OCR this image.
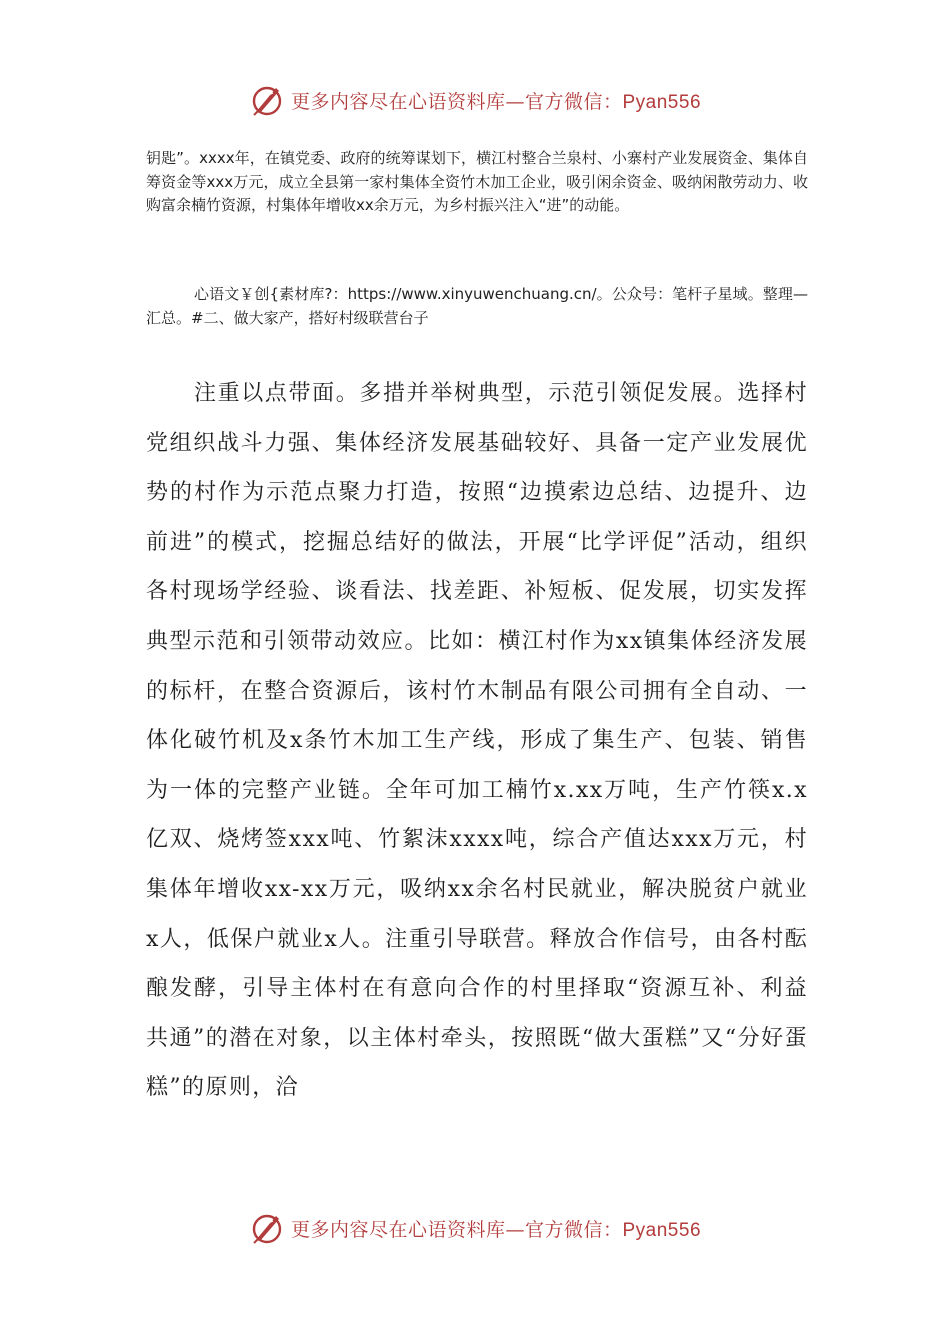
更多内容尽在心语资料库—官方微信：Pyan556

钥匙”。xxxx年，在镇党委、政府的统筹谋划下，横江村整合兰泉村、小寨村产业发展资金、集体自筹资金等xxx万元，成立全县第一家村集体全资竹木加工企业，吸引闲余资金、吸纳闲散劳动力、收购富余楠竹资源，村集体年增收xx余万元，为乡村振兴注入“进”的动能。

心语文￥创{素材库?：https://www.xinyuwenchuang.cn/。公众号：笔杆子星域。整理—汇总。#二、做大家产，搭好村级联营台子

注重以点带面。多措并举树典型，示范引领促发展。选择村党组织战斗力强、集体经济发展基础较好、具备一定产业发展优势的村作为示范点聚力打造，按照“边摸索边总结、边提升、边前进”的模式，挖掘总结好的做法，开展“比学评促”活动，组织各村现场学经验、谈看法、找差距、补短板、促发展，切实发挥典型示范和引领带动效应。比如：横江村作为xx镇集体经济发展的标杆，在整合资源后，该村竹木制品有限公司拥有全自动、一体化破竹机及x条竹木加工生产线，形成了集生产、包装、销售为一体的完整产业链。全年可加工楠竹x.xx万吨，生产竹筷x.x亿双、烧烤签xxx吨、竹絮沫xxxx吨，综合产值达xxx万元，村集体年增收xx-xx万元，吸纳xx余名村民就业，解决脱贫户就业x人，低保户就业x人。注重引导联营。释放合作信号，由各村酝酿发酵，引导主体村在有意向合作的村里择取“资源互补、利益共通”的潜在对象，以主体村牵头，按照既“做大蛋糕”又“分好蛋糕”的原则，洽

更多内容尽在心语资料库—官方微信：Pyan556
